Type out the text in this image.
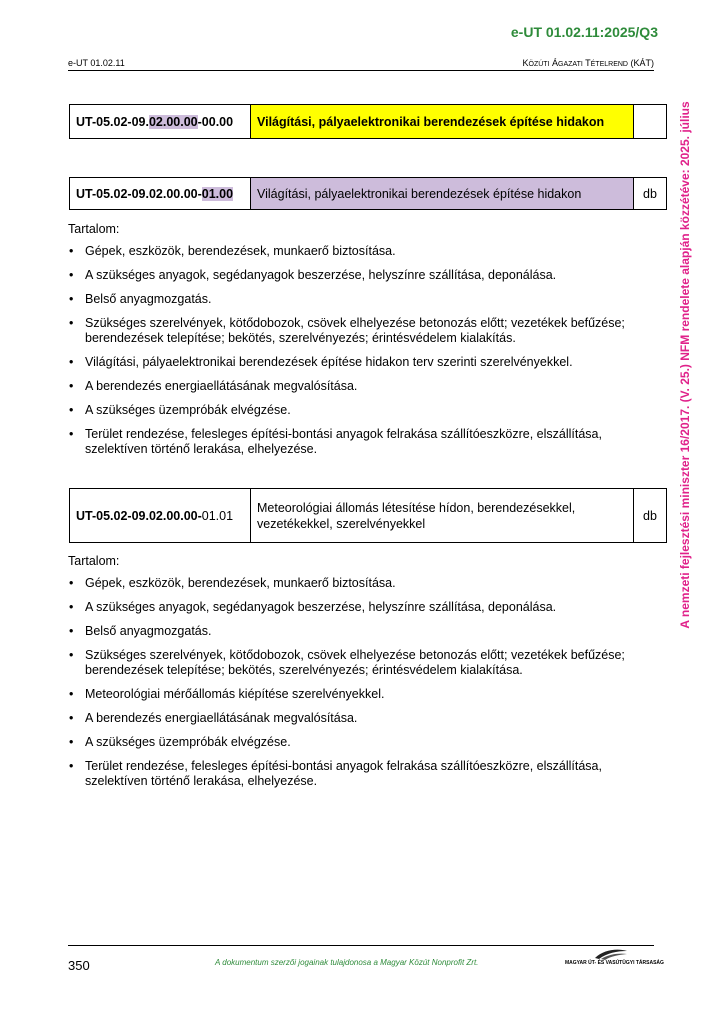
e-UT 01.02.11:2025/Q3
e-UT 01.02.11	KÖZÚTI ÁGAZATI TÉTELREND (KÁT)
UT-05.02-09.02.00.00-00.00	Világítási, pályaelektronikai berendezések építése hidakon	
UT-05.02-09.02.00.00-01.00	Világítási, pályaelektronikai berendezések építése hidakon	db

Tartalom:

• Gépek, eszközök, berendezések, munkaerő biztosítása.
• A szükséges anyagok, segédanyagok beszerzése, helyszínre szállítása, deponálása.
• Belső anyagmozgatás.
• Szükséges szerelvények, kötődobozok, csövek elhelyezése betonozás előtt; vezetékek befűzése; berendezések telepítése; bekötés, szerelvényezés; érintésvédelem kialakítás.
• Világítási, pályaelektronikai berendezések építése hidakon terv szerinti szerelvényekkel.
• A berendezés energiaellátásának megvalósítása.
• A szükséges üzempróbák elvégzése.
• Terület rendezése, felesleges építési-bontási anyagok felrakása szállítóeszközre, elszállítása, szelektíven történő lerakása, elhelyezése.
UT-05.02-09.02.00.00-01.01	Meteorológiai állomás létesítése hídon, berendezésekkel,
vezetékekkel, szerelvényekkel	db

Tartalom:

• Gépek, eszközök, berendezések, munkaerő biztosítása.
• A szükséges anyagok, segédanyagok beszerzése, helyszínre szállítása, deponálása.
• Belső anyagmozgatás.
• Szükséges szerelvények, kötődobozok, csövek elhelyezése betonozás előtt; vezetékek befűzése; berendezések telepítése; bekötés, szerelvényezés; érintésvédelem kialakítása.
• Meteorológiai mérőállomás kiépítése szerelvényekkel.
• A berendezés energiaellátásának megvalósítása.
• A szükséges üzempróbák elvégzése.
• Terület rendezése, felesleges építési-bontási anyagok felrakása szállítóeszközre, elszállítása, szelektíven történő lerakása, elhelyezése.
A nemzeti fejlesztési miniszter 16/2017. (V. 25.) NFM rendelete alapján közzétéve: 2025. július
350	A dokumentum szerzői jogainak tulajdonosa a Magyar Közút Nonprofit Zrt.	MAGYAR ÚT- ÉS VASÚTÜGYI TÁRSASÁG
